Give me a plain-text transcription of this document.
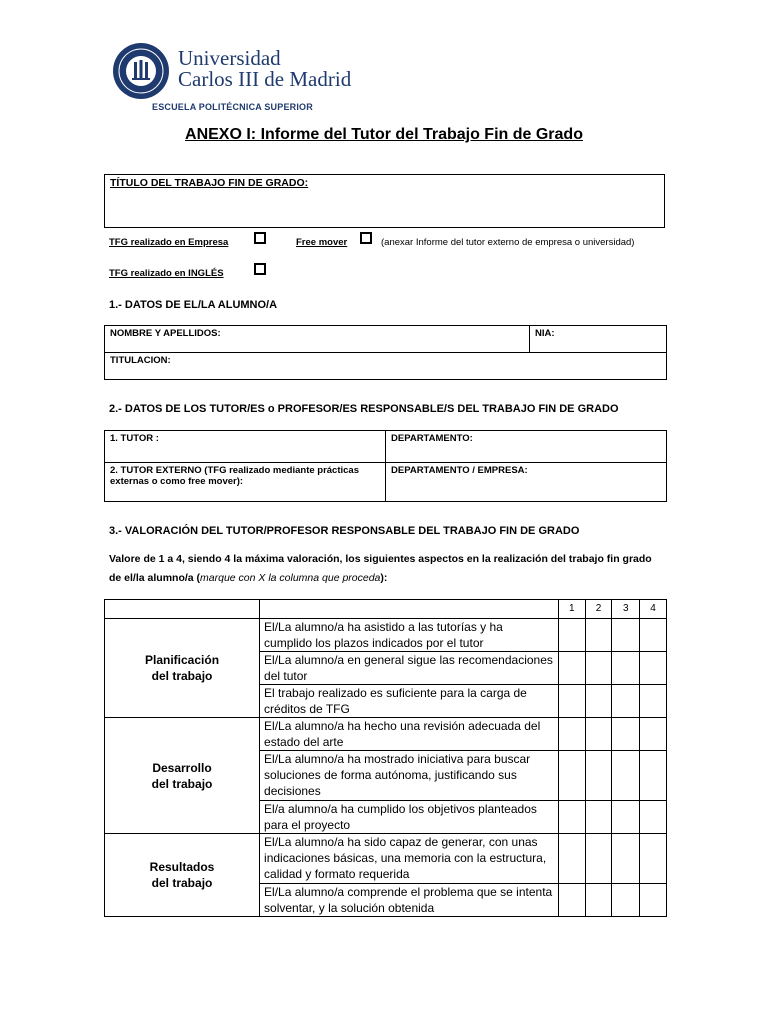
Universidad
Carlos III de Madrid
ESCUELA POLITÉCNICA SUPERIOR
ANEXO I: Informe del Tutor del Trabajo Fin de Grado
TÍTULO DEL TRABAJO FIN DE GRADO:
TFG realizado en Empresa	Free mover	(anexar Informe del tutor externo de empresa o universidad)
TFG realizado en INGLÉS
1.- DATOS DE EL/LA ALUMNO/A
NOMBRE Y APELLIDOS:	NIA:
TITULACION:
2.- DATOS DE LOS TUTOR/ES o PROFESOR/ES RESPONSABLE/S DEL TRABAJO FIN DE GRADO
1. TUTOR :	DEPARTAMENTO:
2. TUTOR EXTERNO (TFG realizado mediante prácticas externas o como free mover):	DEPARTAMENTO / EMPRESA:
3.- VALORACIÓN DEL TUTOR/PROFESOR RESPONSABLE DEL TRABAJO FIN DE GRADO
Valore de 1 a 4, siendo 4 la máxima valoración, los siguientes aspectos en la realización del trabajo fin grado de el/la alumno/a (marque con X la columna que proceda):
		1	2	3	4
Planificación del trabajo	El/La alumno/a ha asistido a las tutorías y ha cumplido los plazos indicados por el tutor				
	El/La alumno/a en general sigue las recomendaciones del tutor				
	El trabajo realizado es suficiente para la carga de créditos de TFG				
Desarrollo del trabajo	El/La alumno/a ha hecho una revisión adecuada del estado del arte				
	El/La alumno/a ha mostrado iniciativa para buscar soluciones de forma autónoma, justificando sus decisiones				
	El/a alumno/a ha cumplido los objetivos planteados para el proyecto				
Resultados del trabajo	El/La alumno/a ha sido capaz de generar, con unas indicaciones básicas, una memoria con la estructura, calidad y formato requerida				
	El/La alumno/a comprende el problema que se intenta solventar, y la solución obtenida				
